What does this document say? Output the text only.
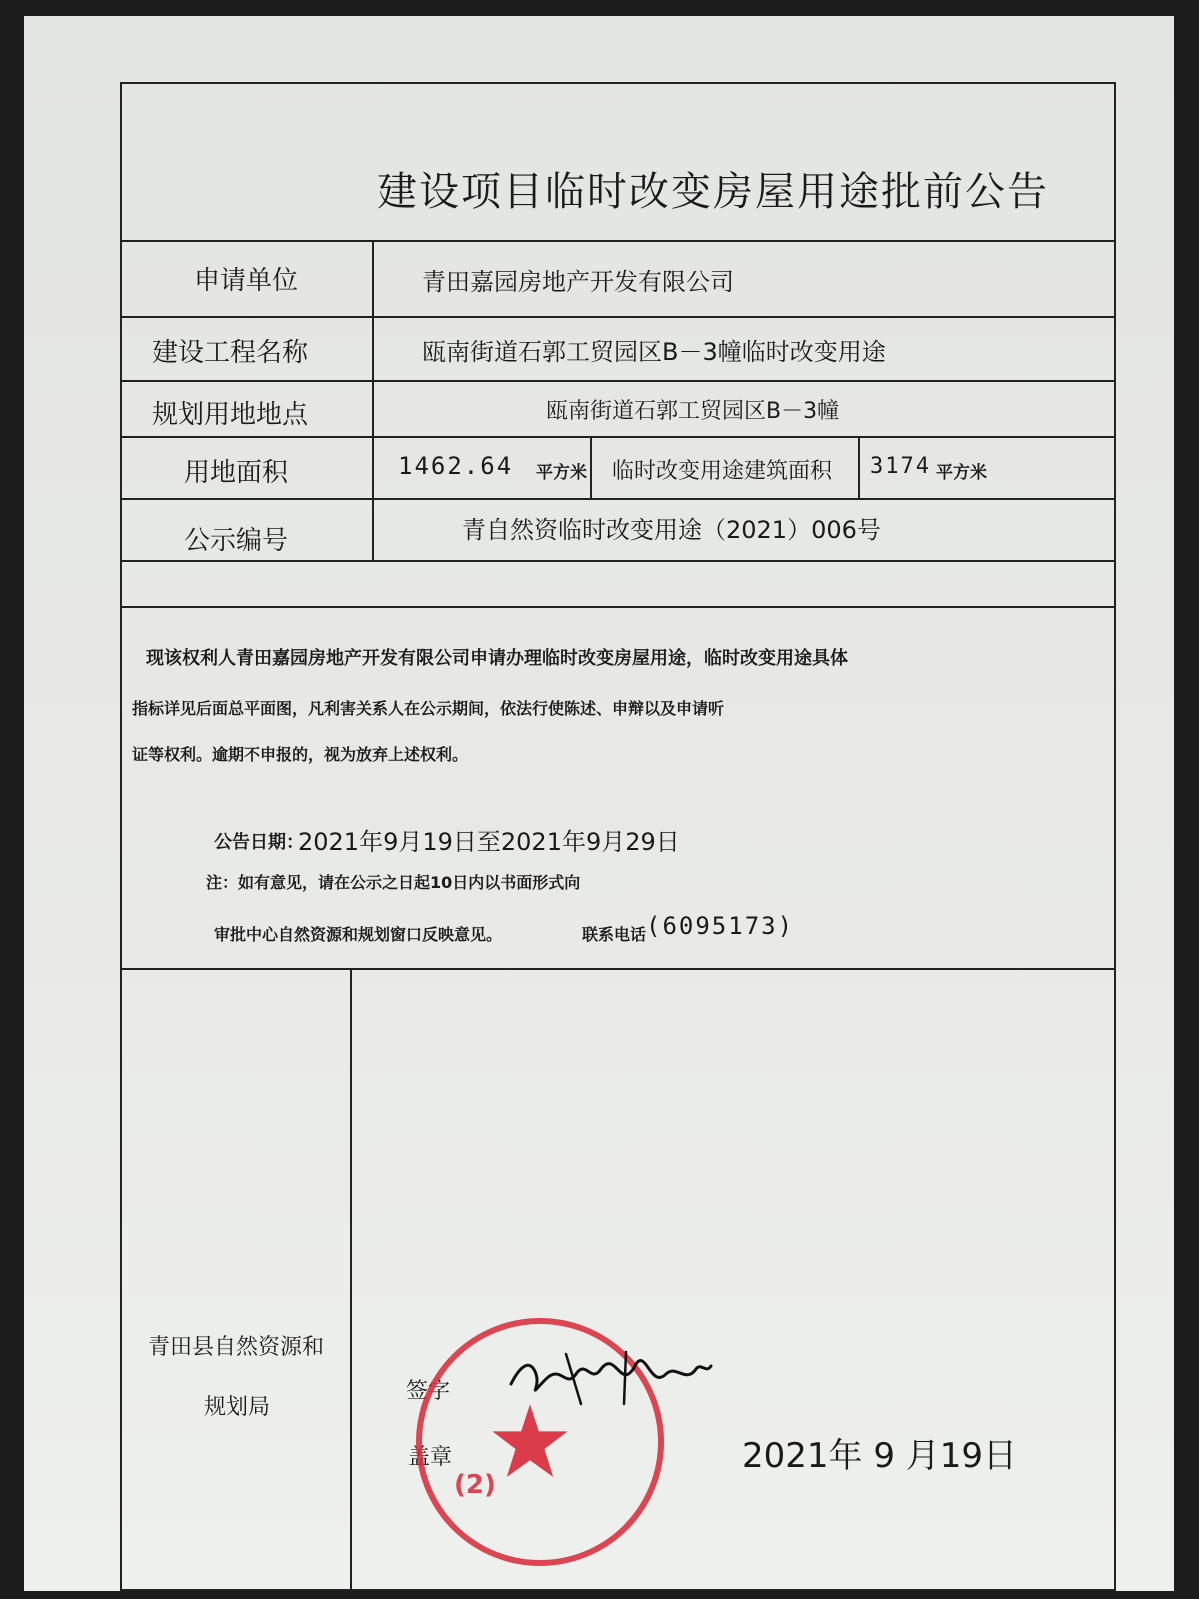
建设项目临时改变房屋用途批前公告
申请单位	青田嘉园房地产开发有限公司
建设工程名称	瓯南街道石郭工贸园区B－3幢临时改变用途
规划用地地点	瓯南街道石郭工贸园区B－3幢
用地面积	1462.64 平方米 临时改变用途建筑面积 3174 平方米
公示编号	青自然资临时改变用途（2021）006号
现该权利人青田嘉园房地产开发有限公司申请办理临时改变房屋用途，临时改变用途具体
指标详见后面总平面图，凡利害关系人在公示期间，依法行使陈述、申辩以及申请听
证等权利。逾期不申报的，视为放弃上述权利。
公告日期：
2021年9月19日至2021年9月29日
注：如有意见，请在公示之日起10日内以书面形式向
审批中心自然资源和规划窗口反映意见。	联系电话 (6095173)
青田县自然资源和
规划局
签字
盖章	2021年 9 月19日
(2)
